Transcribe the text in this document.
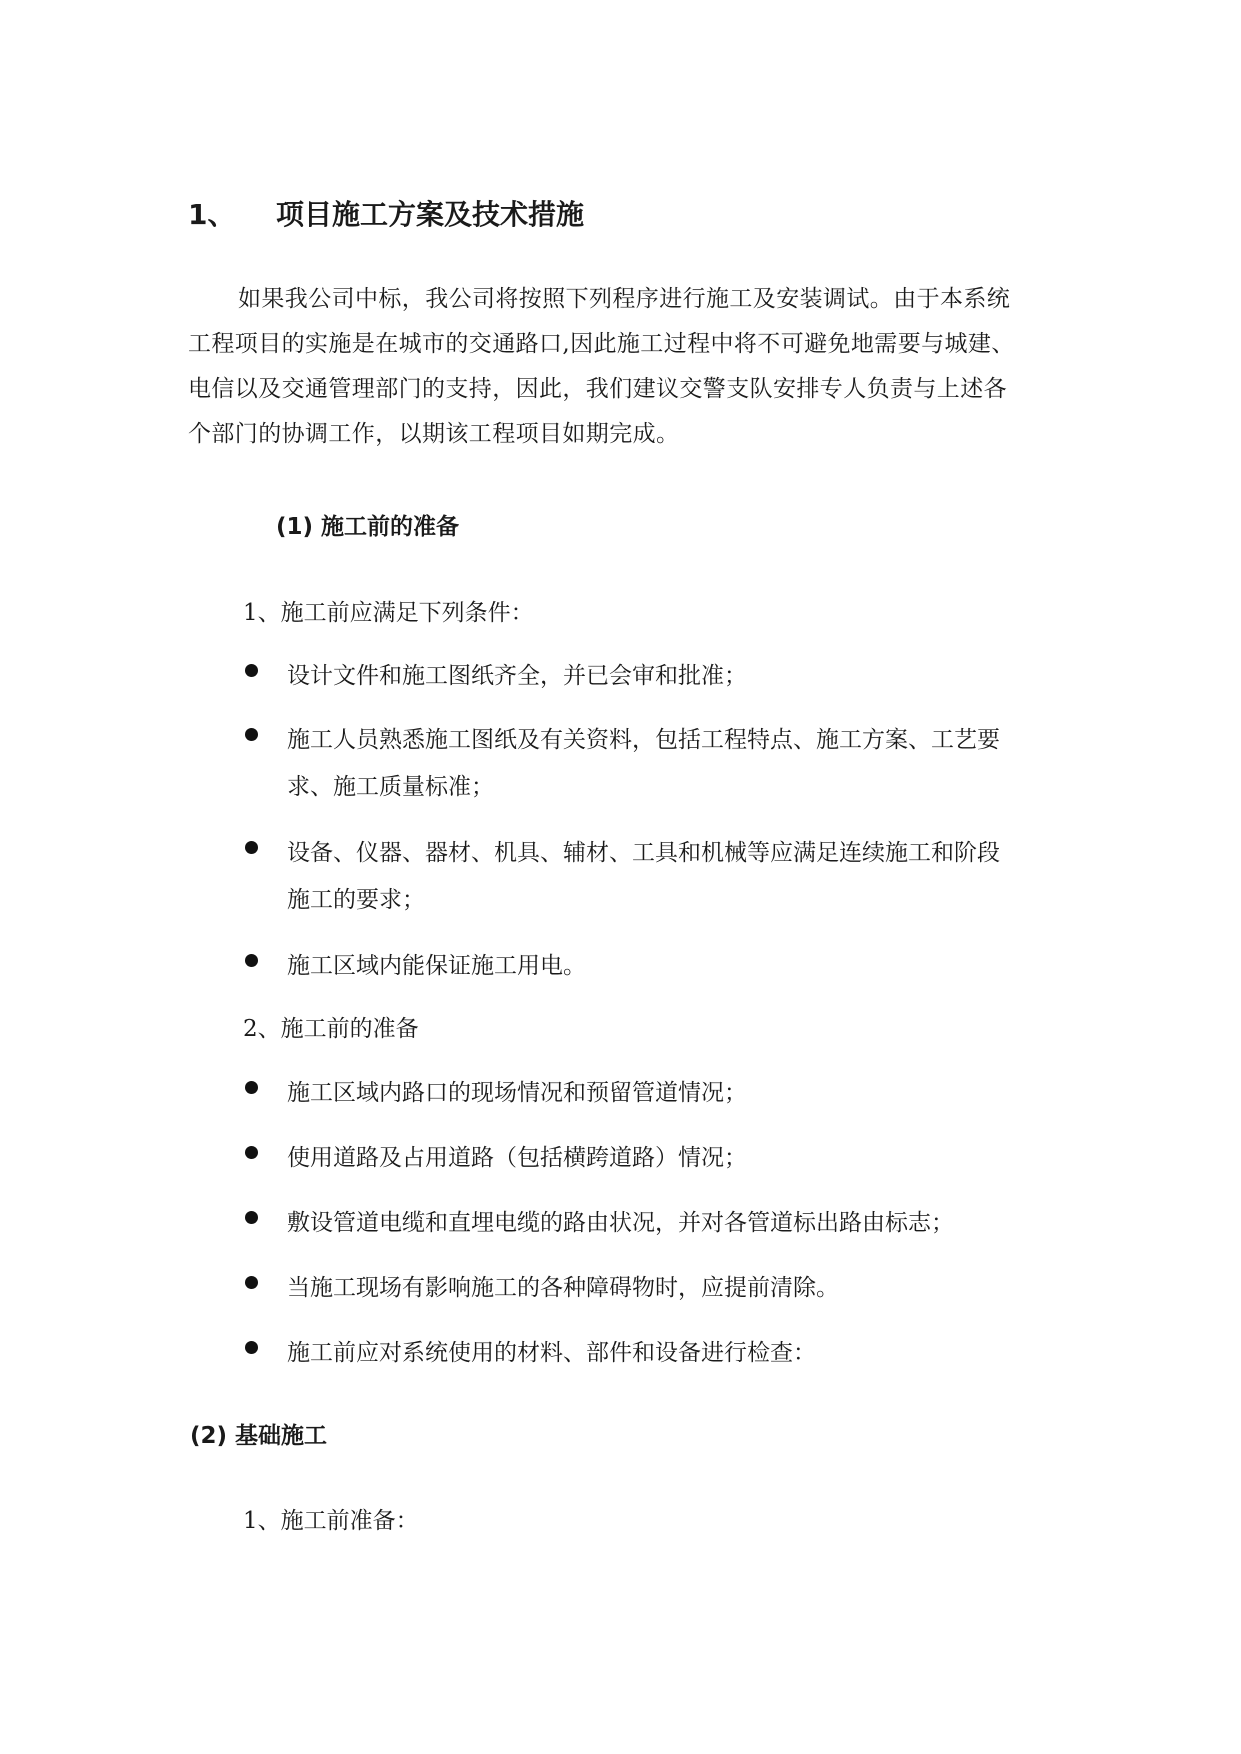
1、 项目施工方案及技术措施
如果我公司中标，我公司将按照下列程序进行施工及安装调试。由于本系统
工程项目的实施是在城市的交通路口,因此施工过程中将不可避免地需要与城建、
电信以及交通管理部门的支持，因此，我们建议交警支队安排专人负责与上述各
个部门的协调工作，以期该工程项目如期完成。
(1) 施工前的准备
1、施工前应满足下列条件：
设计文件和施工图纸齐全，并已会审和批准；
施工人员熟悉施工图纸及有关资料，包括工程特点、施工方案、工艺要
求、施工质量标准；
设备、仪器、器材、机具、辅材、工具和机械等应满足连续施工和阶段
施工的要求；
施工区域内能保证施工用电。
2、施工前的准备
施工区域内路口的现场情况和预留管道情况；
使用道路及占用道路（包括横跨道路）情况；
敷设管道电缆和直埋电缆的路由状况，并对各管道标出路由标志；
当施工现场有影响施工的各种障碍物时，应提前清除。
施工前应对系统使用的材料、部件和设备进行检查：
(2) 基础施工
1、施工前准备：
